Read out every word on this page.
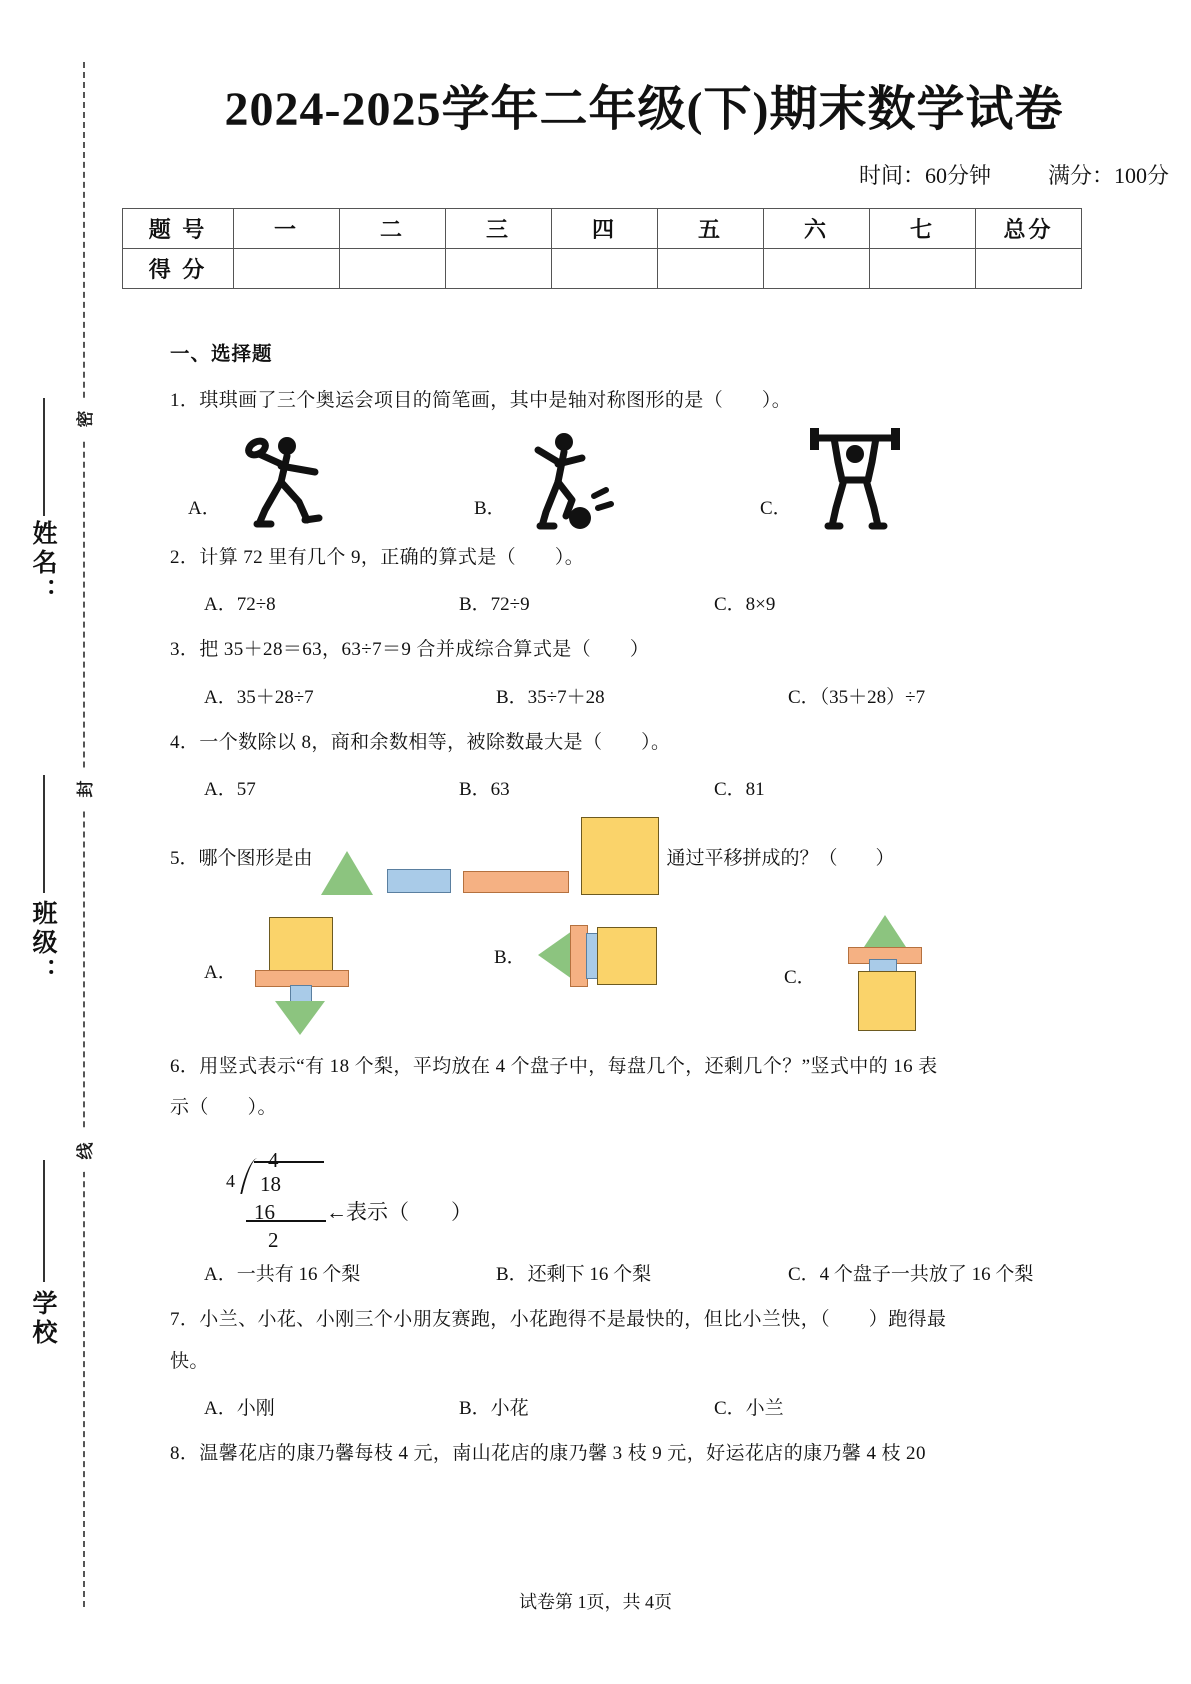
密
封
线
姓名：
班级：
学校
2024-2025学年二年级(下)期末数学试卷
时间：60分钟	满分：100分
题 号	一	二	三	四	五	六	七	总分
得 分								
一、选择题
1．琪琪画了三个奥运会项目的简笔画，其中是轴对称图形的是（　　）。
A．	B．	C．
2．计算 72 里有几个 9，正确的算式是（　　）。
A．72÷8	B．72÷9	C．8×9
3．把 35＋28＝63，63÷7＝9 合并成综合算式是（　　）
A．35＋28÷7	B．35÷7＋28	C．（35＋28）÷7
4．一个数除以 8，商和余数相等，被除数最大是（　　）。
A．57	B．63	C．81
5．哪个图形是由	通过平移拼成的？（　　）
A．
B．
C．
6．用竖式表示“有 18 个梨，平均放在 4 个盘子中，每盘几个，还剩几个？”竖式中的 16 表
示（　　）。
4
4 18
16
2
← 表示（　　）
A．一共有 16 个梨	B．还剩下 16 个梨	C．4 个盘子一共放了 16 个梨
7．小兰、小花、小刚三个小朋友赛跑，小花跑得不是最快的，但比小兰快，（　　）跑得最
快。
A．小刚	B．小花	C．小兰
8．温馨花店的康乃馨每枝 4 元，南山花店的康乃馨 3 枝 9 元，好运花店的康乃馨 4 枝 20
试卷第 1页，共 4页
